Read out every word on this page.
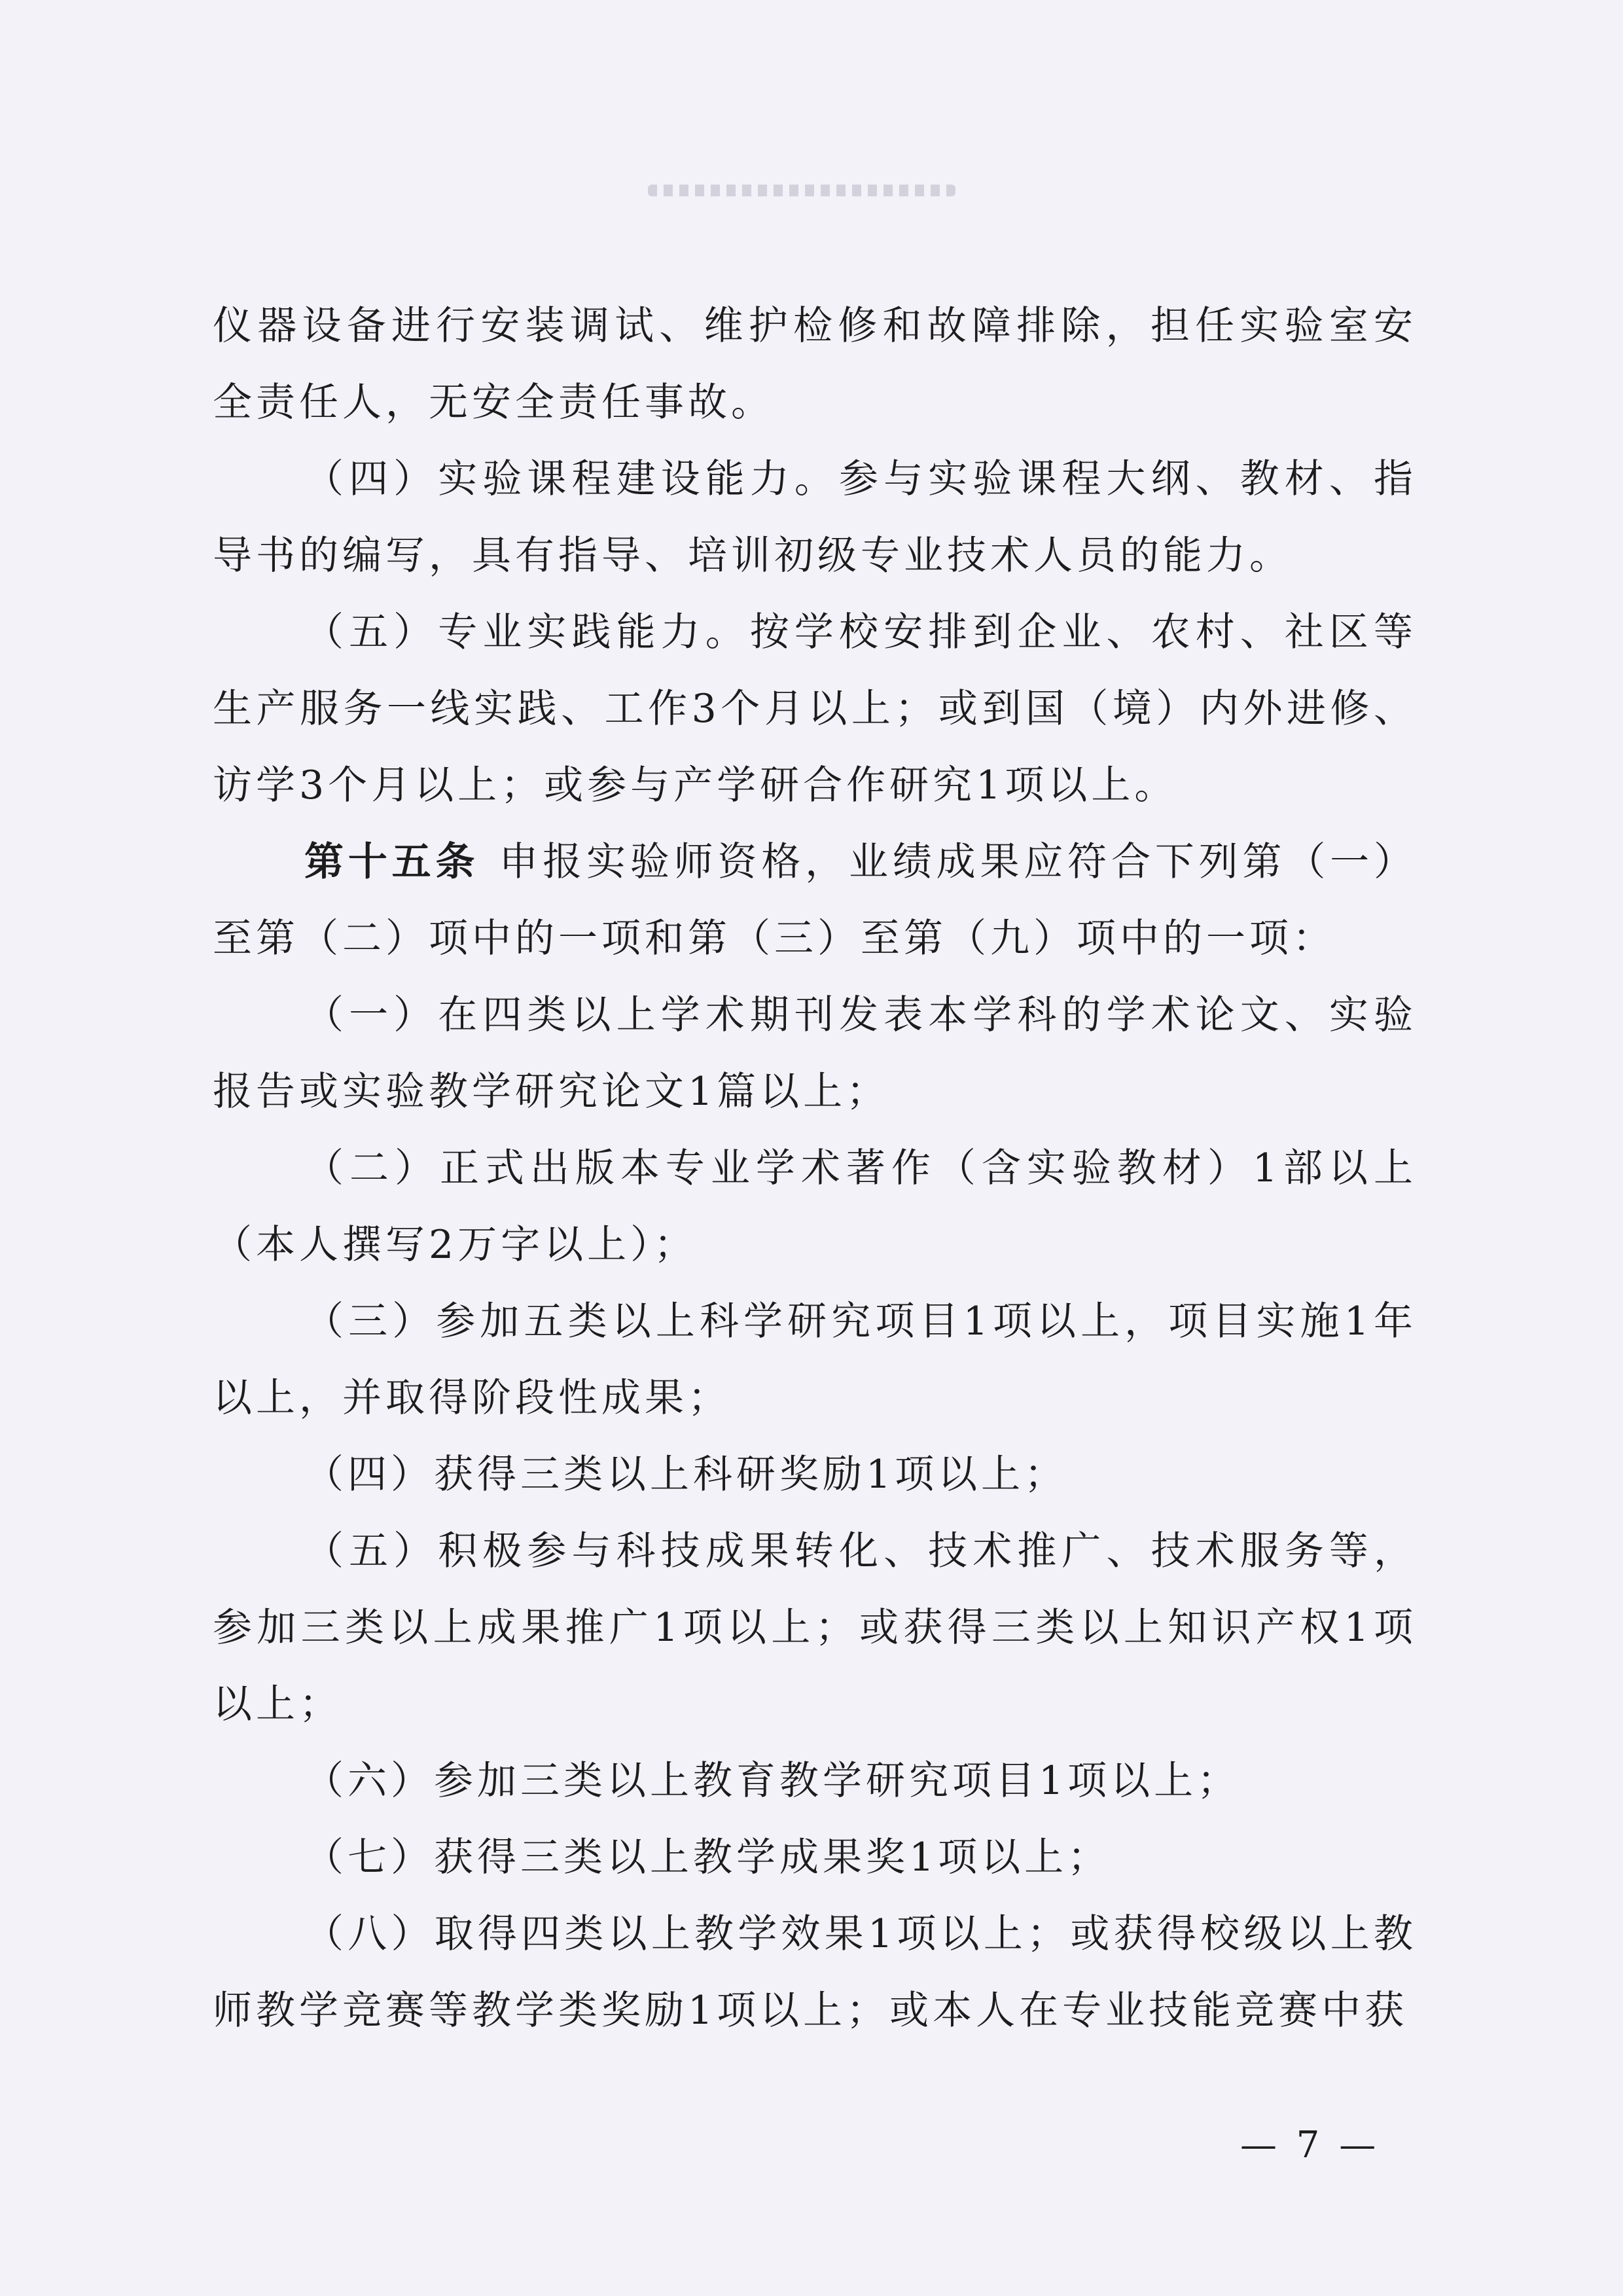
仪器设备进行安装调试、维护检修和故障排除，担任实验室安全责任人，无安全责任事故。

（四）实验课程建设能力。参与实验课程大纲、教材、指导书的编写，具有指导、培训初级专业技术人员的能力。

（五）专业实践能力。按学校安排到企业、农村、社区等生产服务一线实践、工作3个月以上；或到国（境）内外进修、访学3个月以上；或参与产学研合作研究1项以上。

第十五条 申报实验师资格，业绩成果应符合下列第（一）至第（二）项中的一项和第（三）至第（九）项中的一项：

（一）在四类以上学术期刊发表本学科的学术论文、实验报告或实验教学研究论文1篇以上；

（二）正式出版本专业学术著作（含实验教材）1部以上（本人撰写2万字以上）；

（三）参加五类以上科学研究项目1项以上，项目实施1年以上，并取得阶段性成果；

（四）获得三类以上科研奖励1项以上；

（五）积极参与科技成果转化、技术推广、技术服务等，参加三类以上成果推广1项以上；或获得三类以上知识产权1项以上；

（六）参加三类以上教育教学研究项目1项以上；

（七）获得三类以上教学成果奖1项以上；

（八）取得四类以上教学效果1项以上；或获得校级以上教师教学竞赛等教学类奖励1项以上；或本人在专业技能竞赛中获

— 7 —
